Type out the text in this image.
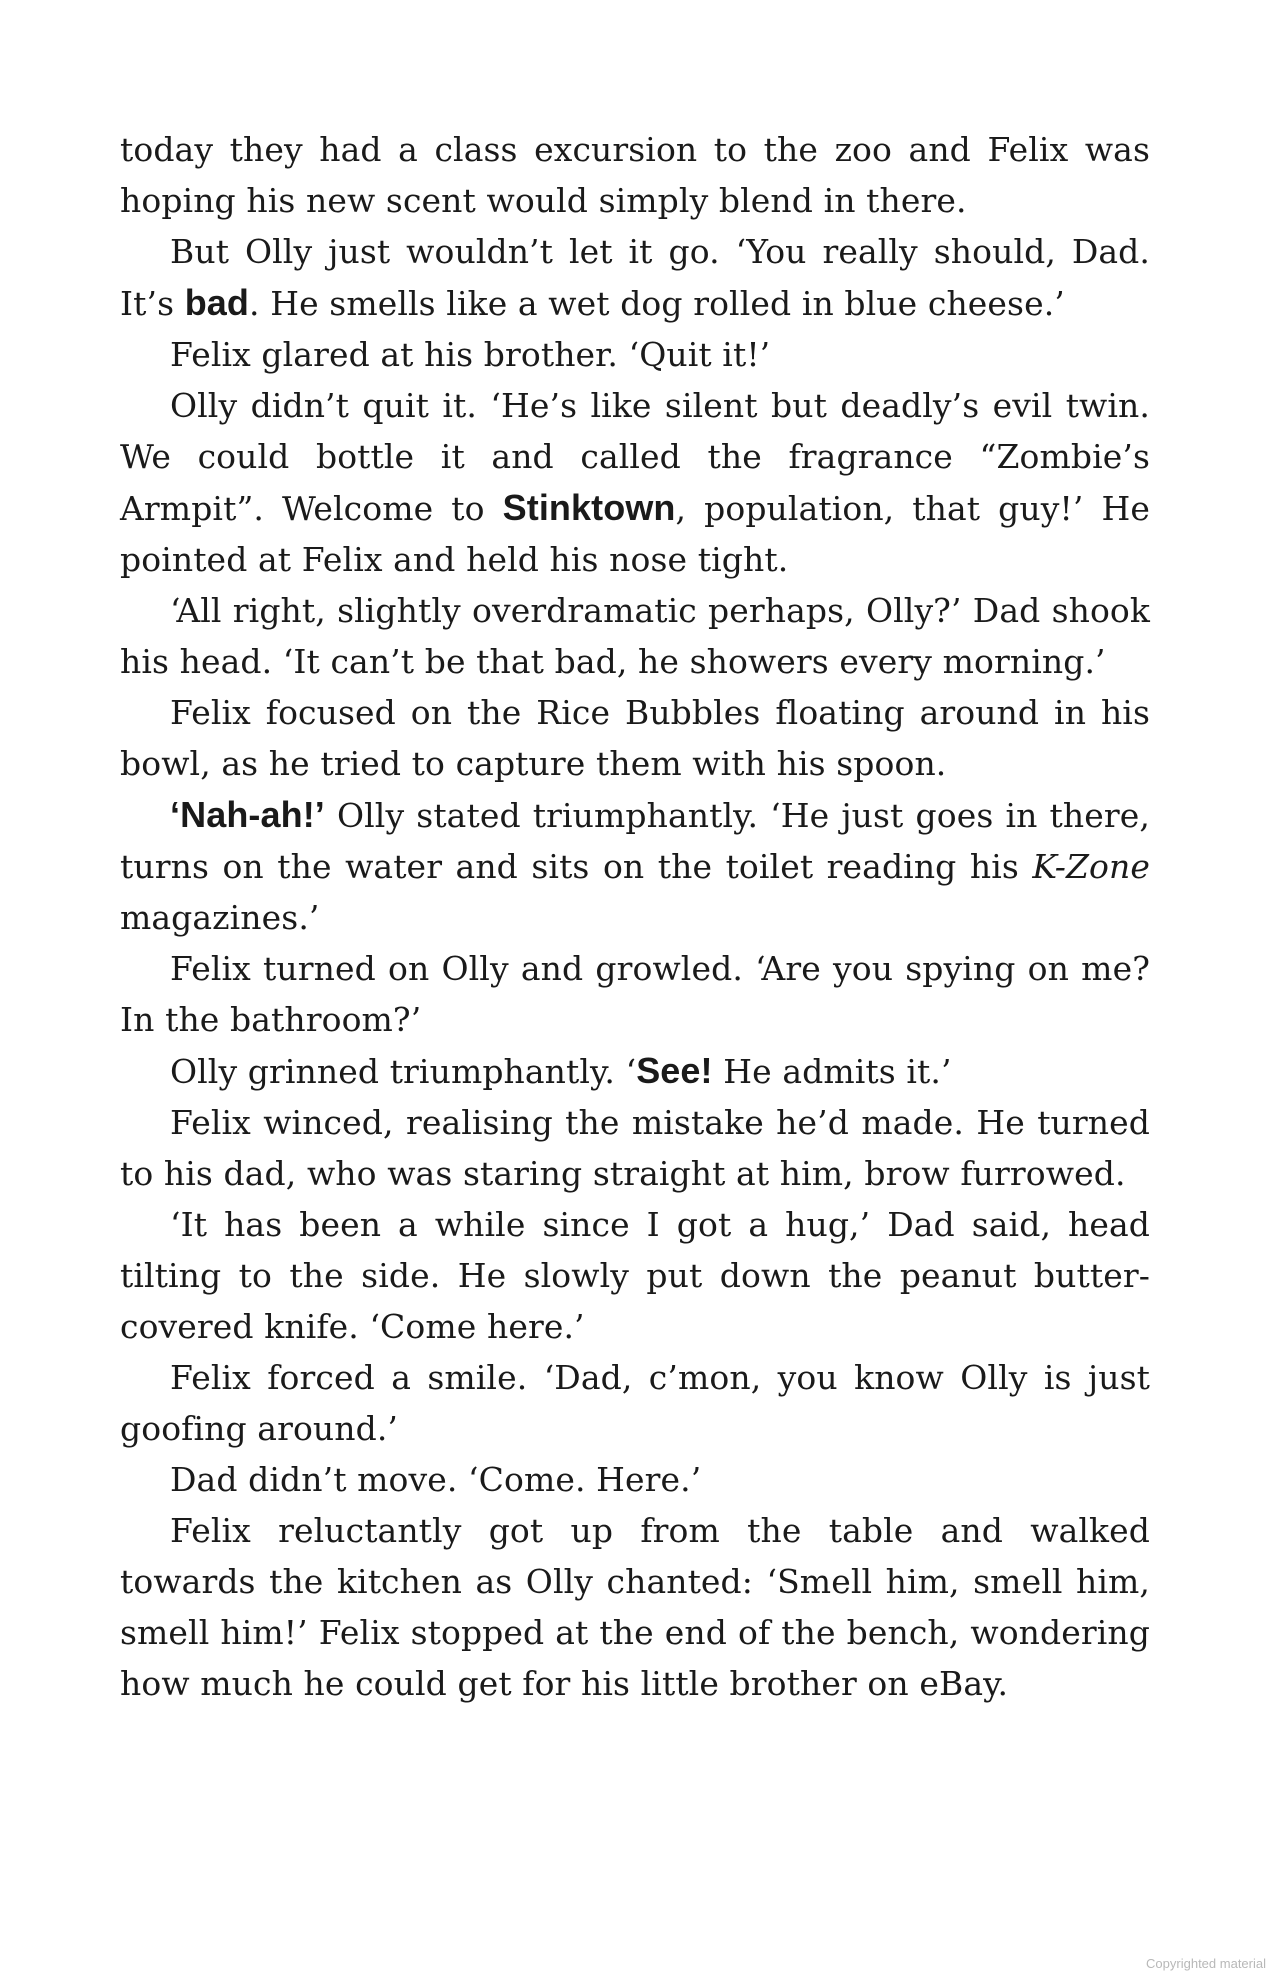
today they had a class excursion to the zoo and Felix was hoping his new scent would simply blend in there.

But Olly just wouldn’t let it go. ‘You really should, Dad. It’s bad. He smells like a wet dog rolled in blue cheese.’

Felix glared at his brother. ‘Quit it!’

Olly didn’t quit it. ‘He’s like silent but deadly’s evil twin. We could bottle it and called the fragrance “Zombie’s Armpit”. Welcome to Stinktown, population, that guy!’ He pointed at Felix and held his nose tight.

‘All right, slightly overdramatic perhaps, Olly?’ Dad shook his head. ‘It can’t be that bad, he showers every morning.’

Felix focused on the Rice Bubbles floating around in his bowl, as he tried to capture them with his spoon.

‘Nah-ah!’ Olly stated triumphantly. ‘He just goes in there, turns on the water and sits on the toilet reading his K-Zone magazines.’

Felix turned on Olly and growled. ‘Are you spying on me? In the bathroom?’

Olly grinned triumphantly. ‘See! He admits it.’

Felix winced, realising the mistake he’d made. He turned to his dad, who was staring straight at him, brow furrowed.

‘It has been a while since I got a hug,’ Dad said, head tilting to the side. He slowly put down the peanut butter-covered knife. ‘Come here.’

Felix forced a smile. ‘Dad, c’mon, you know Olly is just goofing around.’

Dad didn’t move. ‘Come. Here.’

Felix reluctantly got up from the table and walked towards the kitchen as Olly chanted: ‘Smell him, smell him, smell him!’ Felix stopped at the end of the bench, wondering how much he could get for his little brother on eBay.

Copyrighted material
